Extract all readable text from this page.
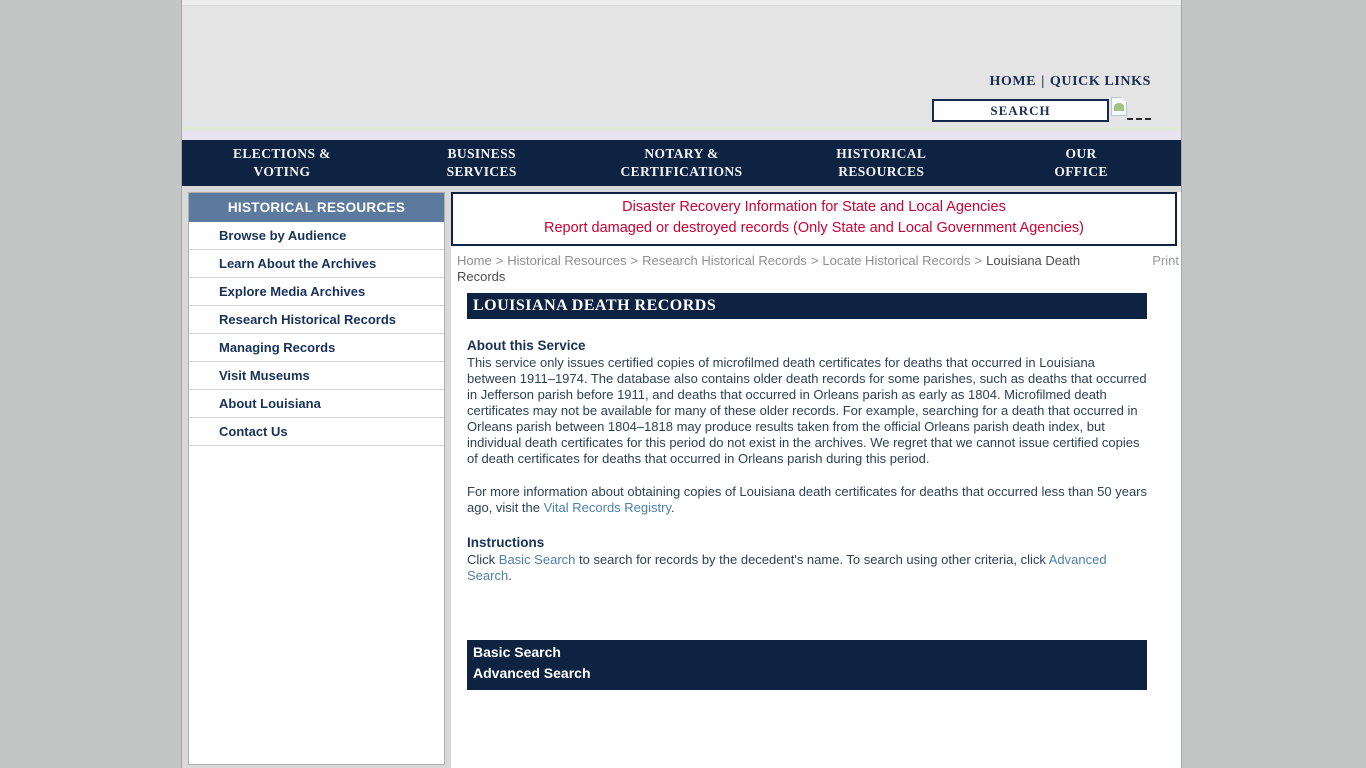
HOME | QUICK LINKS
SEARCH
ELECTIONS &
VOTING
BUSINESS
SERVICES
NOTARY &
CERTIFICATIONS
HISTORICAL
RESOURCES
OUR
OFFICE
HISTORICAL RESOURCES
Browse by Audience
Learn About the Archives
Explore Media Archives
Research Historical Records
Managing Records
Visit Museums
About Louisiana
Contact Us
Disaster Recovery Information for State and Local Agencies
Report damaged or destroyed records (Only State and Local Government Agencies)
Home > Historical Resources > Research Historical Records > Locate Historical Records > Louisiana Death Records
Print
LOUISIANA DEATH RECORDS
About this Service
This service only issues certified copies of microfilmed death certificates for deaths that occurred in Louisiana between 1911–1974. The database also contains older death records for some parishes, such as deaths that occurred in Jefferson parish before 1911, and deaths that occurred in Orleans parish as early as 1804. Microfilmed death certificates may not be available for many of these older records. For example, searching for a death that occurred in Orleans parish between 1804–1818 may produce results taken from the official Orleans parish death index, but individual death certificates for this period do not exist in the archives. We regret that we cannot issue certified copies of death certificates for deaths that occurred in Orleans parish during this period.
For more information about obtaining copies of Louisiana death certificates for deaths that occurred less than 50 years ago, visit the Vital Records Registry.
Instructions
Click Basic Search to search for records by the decedent's name. To search using other criteria, click Advanced Search.
Basic Search
Advanced Search
